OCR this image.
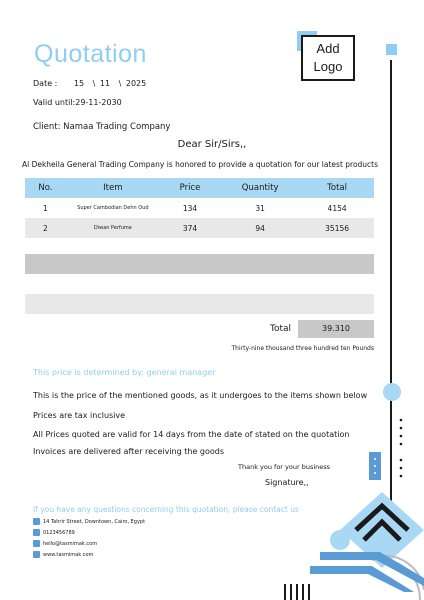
Quotation	Add
Logo
Date : 15 \ 11 \ 2025
Valid until:29-11-2030
Client: Namaa Trading Company
Dear Sir/Sirs,,
Al Dekheila General Trading Company is honored to provide a quotation for our latest products
No.	Item	Price	Quantity	Total
1	Super Cambodian Dehn Oud	134	31	4154
2	Diwan Perfume	374	94	35156
Total	39.310
Thirty-nine thousand three hundred ten Pounds
This price is determined by: general manager
This is the price of the mentioned goods, as it undergoes to the items shown below
Prices are tax inclusive
All Prices quoted are valid for 14 days from the date of stated on the quotation
Invoices are delivered after receiving the goods
Thank you for your business
Signature,,
If you have any questions concerning this quotation, please contact us
14 Tahrir Street, Downtown, Cairo, Egypt
0123456789
hello@tasmimak.com
www.tasmimak.com
